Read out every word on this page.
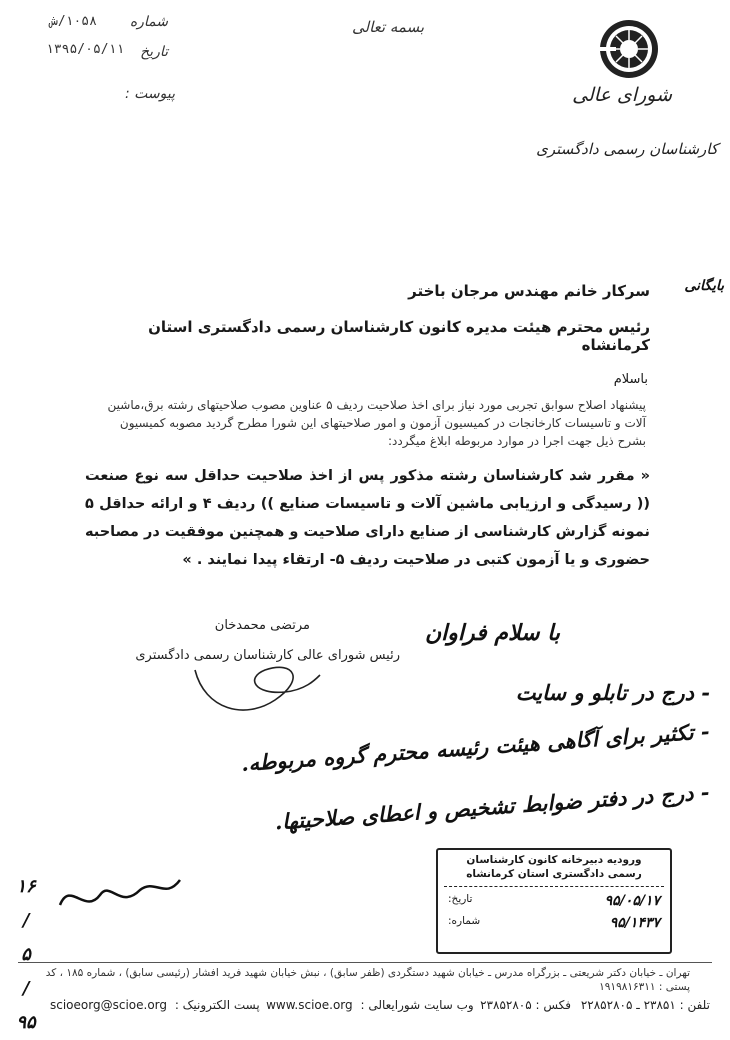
شورای عالی
کارشناسان رسمی دادگستری
بسمه تعالی
شماره
۱۰۵۸/ش
تاریخ
۱۳۹۵/۰۵/۱۱
پیوست :
بایگانی
سرکار خانم مهندس مرجان باختر
رئیس محترم هیئت مدیره کانون کارشناسان رسمی دادگستری استان کرمانشاه
باسلام
پیشنهاد اصلاح سوابق تجربی مورد نیاز برای اخذ صلاحیت ردیف ۵ عناوین مصوب صلاحیتهای رشته برق،ماشین آلات و تاسیسات کارخانجات در کمیسیون آزمون و امور صلاحیتهای این شورا مطرح گردید مصوبه کمیسیون بشرح ذیل جهت اجرا در موارد مربوطه ابلاغ میگردد:
« مقرر شد کارشناسان رشته مذکور پس از اخذ صلاحیت حداقل سه نوع صنعت (( رسیدگی و ارزیابی ماشین آلات و تاسیسات صنایع )) ردیف ۴ و ارائه حداقل ۵ نمونه گزارش کارشناسی از صنایع دارای صلاحیت و همچنین موفقیت در مصاحبه حضوری و یا آزمون کتبی در صلاحیت ردیف ۵- ارتقاء پیدا نمایند . »
مرتضی محمدخان
رئیس شورای عالی کارشناسان رسمی دادگستری
با سلام فراوان
- درج در تابلو و سایت
- تکثیر برای آگاهی هیئت رئیسه محترم گروه مربوطه.
- درج در دفتر ضوابط تشخیص و اعطای صلاحیتها.
۱۶ / ۵ / ۹۵
ورودیه دبیرخانه کانون کارشناسان
رسمی دادگستری استان کرمانشاه
تاریخ:	۹۵/۰۵/۱۷
شماره:	۹۵/۱۴۳۷
تهران ـ خیابان دکتر شریعتی ـ بزرگراه مدرس ـ خیابان شهید دستگردی (ظفر سابق) ، نبش خیابان شهید فرید افشار (رئیسی سابق) ، شماره ۱۸۵ ، کد پستی : ۱۹۱۹۸۱۶۳۱۱
تلفن : ۲۳۸۵۱ ـ ۲۲۸۵۲۸۰۵ فکس : ۲۳۸۵۲۸۰۵
وب سایت شورایعالی : www.scioe.org
پست الکترونیک : scioeorg@scioe.org
